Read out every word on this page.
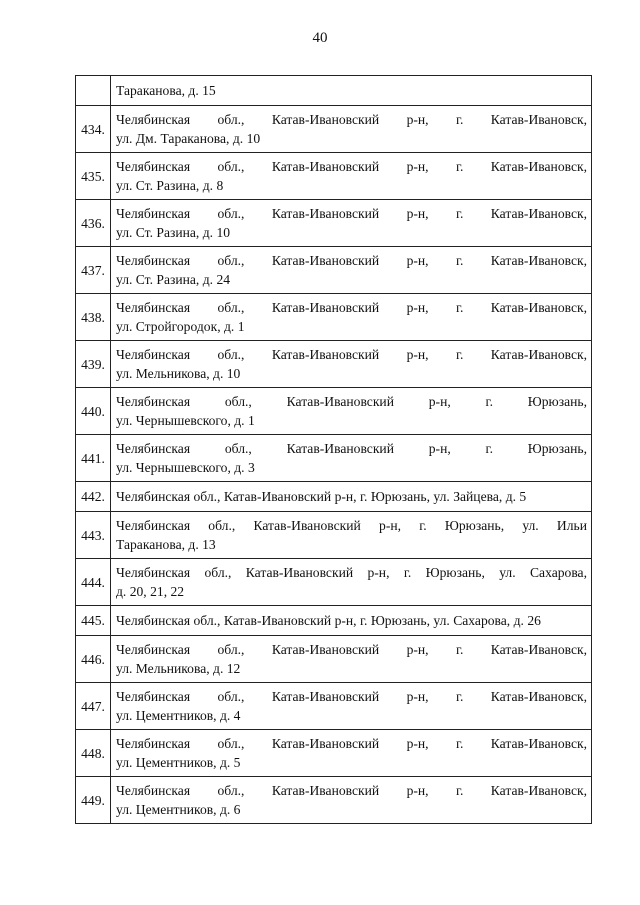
40
	Тараканова, д. 15
434.	Челябинская обл., Катав-Ивановский р-н, г. Катав-Ивановск,
ул. Дм. Тараканова, д. 10

435.	Челябинская обл., Катав-Ивановский р-н, г. Катав-Ивановск,
ул. Ст. Разина, д. 8

436.	Челябинская обл., Катав-Ивановский р-н, г. Катав-Ивановск,
ул. Ст. Разина, д. 10

437.	Челябинская обл., Катав-Ивановский р-н, г. Катав-Ивановск,
ул. Ст. Разина, д. 24

438.	Челябинская обл., Катав-Ивановский р-н, г. Катав-Ивановск,
ул. Стройгородок, д. 1

439.	Челябинская обл., Катав-Ивановский р-н, г. Катав-Ивановск,
ул. Мельникова, д. 10

440.	Челябинская обл., Катав-Ивановский р-н, г. Юрюзань,
ул. Чернышевского, д. 1

441.	Челябинская обл., Катав-Ивановский р-н, г. Юрюзань,
ул. Чернышевского, д. 3

442.	Челябинская обл., Катав-Ивановский р-н, г. Юрюзань, ул. Зайцева, д. 5

443.	Челябинская обл., Катав-Ивановский р-н, г. Юрюзань, ул. Ильи
Тараканова, д. 13

444.	Челябинская обл., Катав-Ивановский р-н, г. Юрюзань, ул. Сахарова,
д. 20, 21, 22

445.	Челябинская обл., Катав-Ивановский р-н, г. Юрюзань, ул. Сахарова, д. 26

446.	Челябинская обл., Катав-Ивановский р-н, г. Катав-Ивановск,
ул. Мельникова, д. 12

447.	Челябинская обл., Катав-Ивановский р-н, г. Катав-Ивановск,
ул. Цементников, д. 4

448.	Челябинская обл., Катав-Ивановский р-н, г. Катав-Ивановск,
ул. Цементников, д. 5

449.	Челябинская обл., Катав-Ивановский р-н, г. Катав-Ивановск,
ул. Цементников, д. 6
